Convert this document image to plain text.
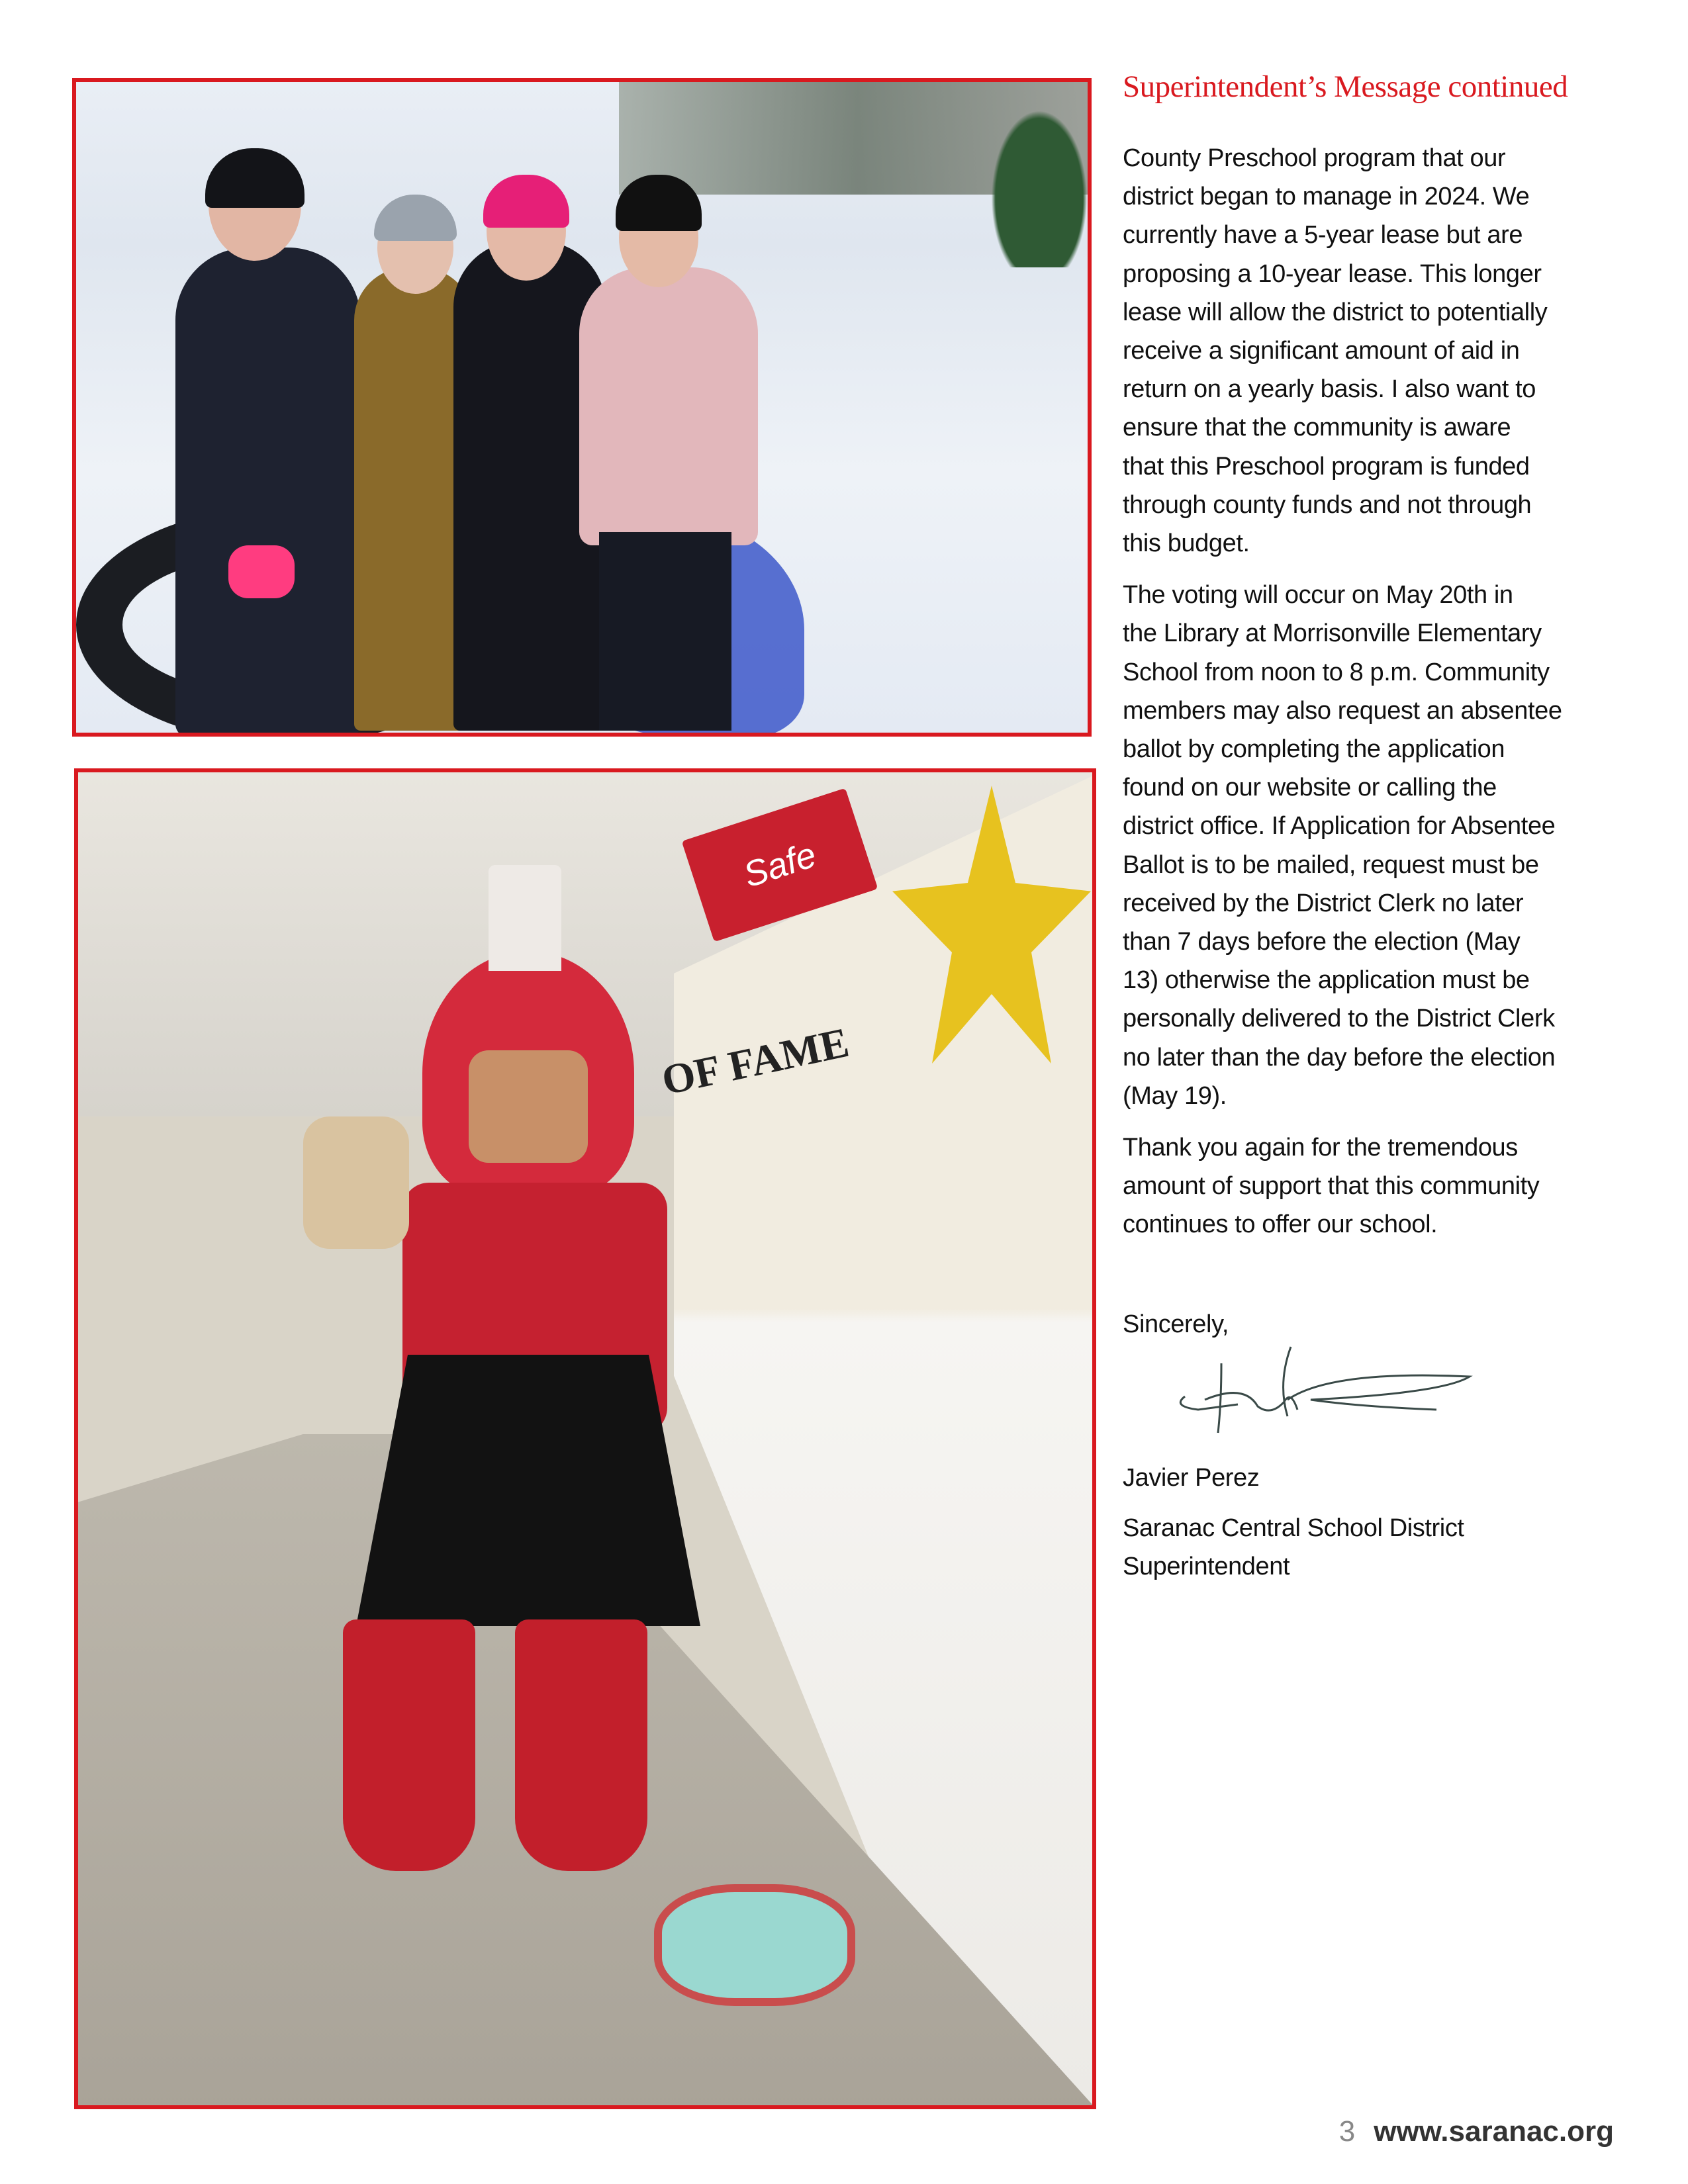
Safe
OF FAME
Superintendent’s Message continued

County Preschool program that our
district began to manage in 2024. We
currently have a 5-year lease but are
proposing a 10-year lease. This longer
lease will allow the district to potentially
receive a significant amount of aid in
return on a yearly basis. I also want to
ensure that the community is aware
that this Preschool program is funded
through county funds and not through
this budget.

The voting will occur on May 20th in
the Library at Morrisonville Elementary
School from noon to 8 p.m. Community
members may also request an absentee
ballot by completing the application
found on our website or calling the
district office. If Application for Absentee
Ballot is to be mailed, request must be
received by the District Clerk no later
than 7 days before the election (May
13) otherwise the application must be
personally delivered to the District Clerk
no later than the day before the election
(May 19).

Thank you again for the tremendous
amount of support that this community
continues to offer our school.

Sincerely,
Javier Perez
Saranac Central School District
Superintendent
3 www.saranac.org
